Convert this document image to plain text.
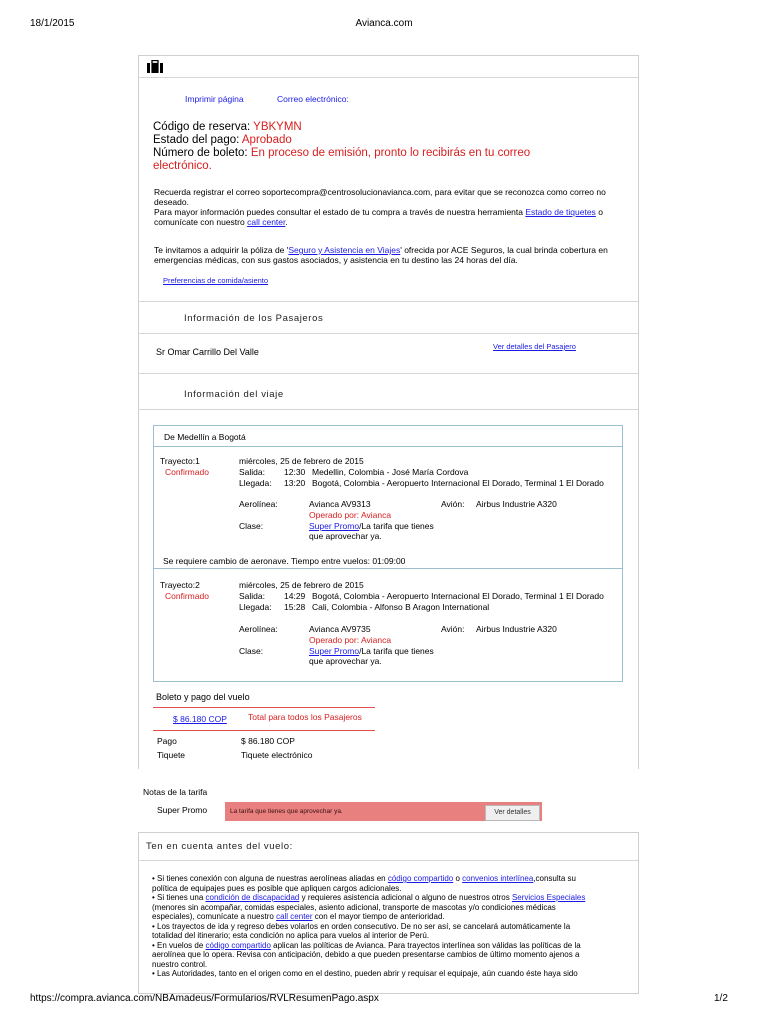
18/1/2015	Avianca.com
https://compra.avianca.com/NBAmadeus/Formularios/RVLResumenPago.aspx	1/2
Imprimir página	Correo electrónico:
Código de reserva: YBKYMN
Estado del pago: Aprobado
Número de boleto: En proceso de emisión, pronto lo recibirás en tu correo
electrónico.
Recuerda registrar el correo soportecompra@centrosolucionavianca.com, para evitar que se reconozca como correo no
deseado.
Para mayor información puedes consultar el estado de tu compra a través de nuestra herramienta Estado de tiquetes o
comunícate con nuestro call center.
Te invitamos a adquirir la póliza de 'Seguro y Asistencia en Viajes' ofrecida por ACE Seguros, la cual brinda cobertura en
emergencias médicas, con sus gastos asociados, y asistencia en tu destino las 24 horas del día.
Preferencias de comida/asiento
Información de los Pasajeros
Sr Omar Carrillo Del Valle
Ver detalles del Pasajero
Información del viaje
De Medellín a Bogotá
Trayecto:1
Confirmado
miércoles, 25 de febrero de 2015
Salida: 12:30 Medellin, Colombia - José María Cordova
Llegada: 13:20 Bogotá, Colombia - Aeropuerto Internacional El Dorado, Terminal 1 El Dorado
Aerolínea:	Avianca AV9313
Operado por: Avianca
Avión: Airbus Industrie A320
Clase:	Super Promo/La tarifa que tienes
que aprovechar ya.
Se requiere cambio de aeronave. Tiempo entre vuelos: 01:09:00
Trayecto:2
Confirmado
miércoles, 25 de febrero de 2015
Salida: 14:29 Bogotá, Colombia - Aeropuerto Internacional El Dorado, Terminal 1 El Dorado
Llegada: 15:28 Cali, Colombia - Alfonso B Aragon International
Aerolínea:	Avianca AV9735
Operado por: Avianca
Avión: Airbus Industrie A320
Clase:	Super Promo/La tarifa que tienes
que aprovechar ya.
Boleto y pago del vuelo
$ 86.180 COP Total para todos los Pasajeros
Pago	$ 86.180 COP
Tiquete	Tiquete electrónico
Notas de la tarifa
Super Promo	La tarifa que tienes que aprovechar ya.	Ver detalles
Ten en cuenta antes del vuelo:
• Si tienes conexión con alguna de nuestras aerolíneas aliadas en código compartido o convenios interlínea,consulta su
política de equipajes pues es posible que apliquen cargos adicionales.
• Si tienes una condición de discapacidad y requieres asistencia adicional o alguno de nuestros otros Servicios Especiales
(menores sin acompañar, comidas especiales, asiento adicional, transporte de mascotas y/o condiciones médicas
especiales), comunícate a nuestro call center con el mayor tiempo de anterioridad.
• Los trayectos de ida y regreso debes volarlos en orden consecutivo. De no ser así, se cancelará automáticamente la
totalidad del itinerario; esta condición no aplica para vuelos al interior de Perú.
• En vuelos de código compartido aplican las políticas de Avianca. Para trayectos interlínea son válidas las políticas de la
aerolínea que lo opera. Revisa con anticipación, debido a que pueden presentarse cambios de último momento ajenos a
nuestro control.
• Las Autoridades, tanto en el origen como en el destino, pueden abrir y requisar el equipaje, aún cuando éste haya sido
